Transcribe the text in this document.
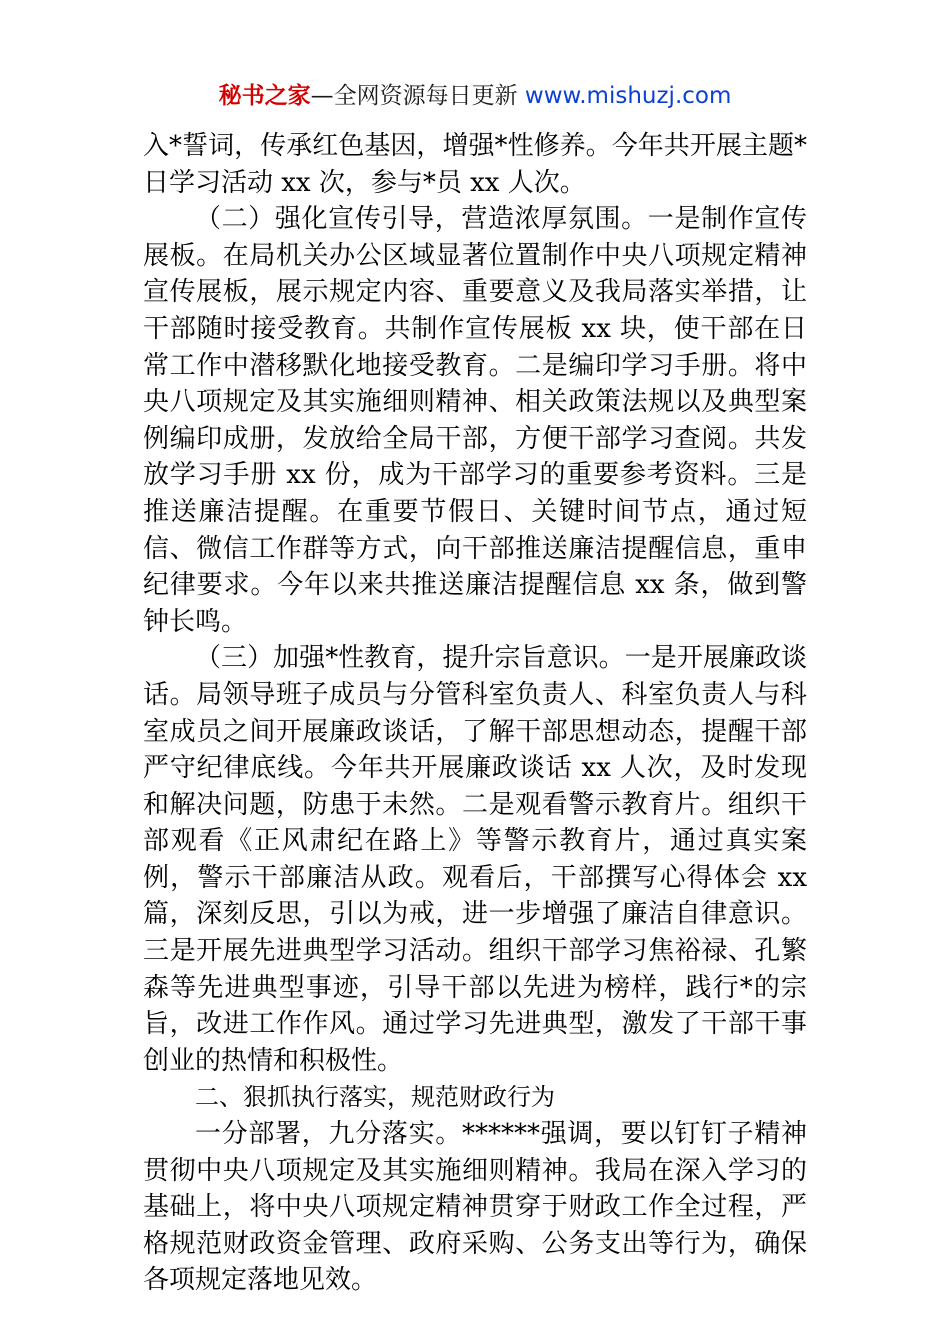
秘书之家—全网资源每日更新 www.mishuzj.com

入*誓词，传承红色基因，增强*性修养。今年共开展主题*日学习活动 xx 次，参与*员 xx 人次。

（二）强化宣传引导，营造浓厚氛围。一是制作宣传展板。在局机关办公区域显著位置制作中央八项规定精神宣传展板，展示规定内容、重要意义及我局落实举措，让干部随时接受教育。共制作宣传展板 xx 块，使干部在日常工作中潜移默化地接受教育。二是编印学习手册。将中央八项规定及其实施细则精神、相关政策法规以及典型案例编印成册，发放给全局干部，方便干部学习查阅。共发放学习手册 xx 份，成为干部学习的重要参考资料。三是推送廉洁提醒。在重要节假日、关键时间节点，通过短信、微信工作群等方式，向干部推送廉洁提醒信息，重申纪律要求。今年以来共推送廉洁提醒信息 xx 条，做到警钟长鸣。

（三）加强*性教育，提升宗旨意识。一是开展廉政谈话。局领导班子成员与分管科室负责人、科室负责人与科室成员之间开展廉政谈话，了解干部思想动态，提醒干部严守纪律底线。今年共开展廉政谈话 xx 人次，及时发现和解决问题，防患于未然。二是观看警示教育片。组织干部观看《正风肃纪在路上》等警示教育片，通过真实案例，警示干部廉洁从政。观看后，干部撰写心得体会 xx 篇，深刻反思，引以为戒，进一步增强了廉洁自律意识。三是开展先进典型学习活动。组织干部学习焦裕禄、孔繁森等先进典型事迹，引导干部以先进为榜样，践行*的宗旨，改进工作作风。通过学习先进典型，激发了干部干事创业的热情和积极性。

二、狠抓执行落实，规范财政行为

一分部署，九分落实。******强调，要以钉钉子精神贯彻中央八项规定及其实施细则精神。我局在深入学习的基础上，将中央八项规定精神贯穿于财政工作全过程，严格规范财政资金管理、政府采购、公务支出等行为，确保各项规定落地见效。
